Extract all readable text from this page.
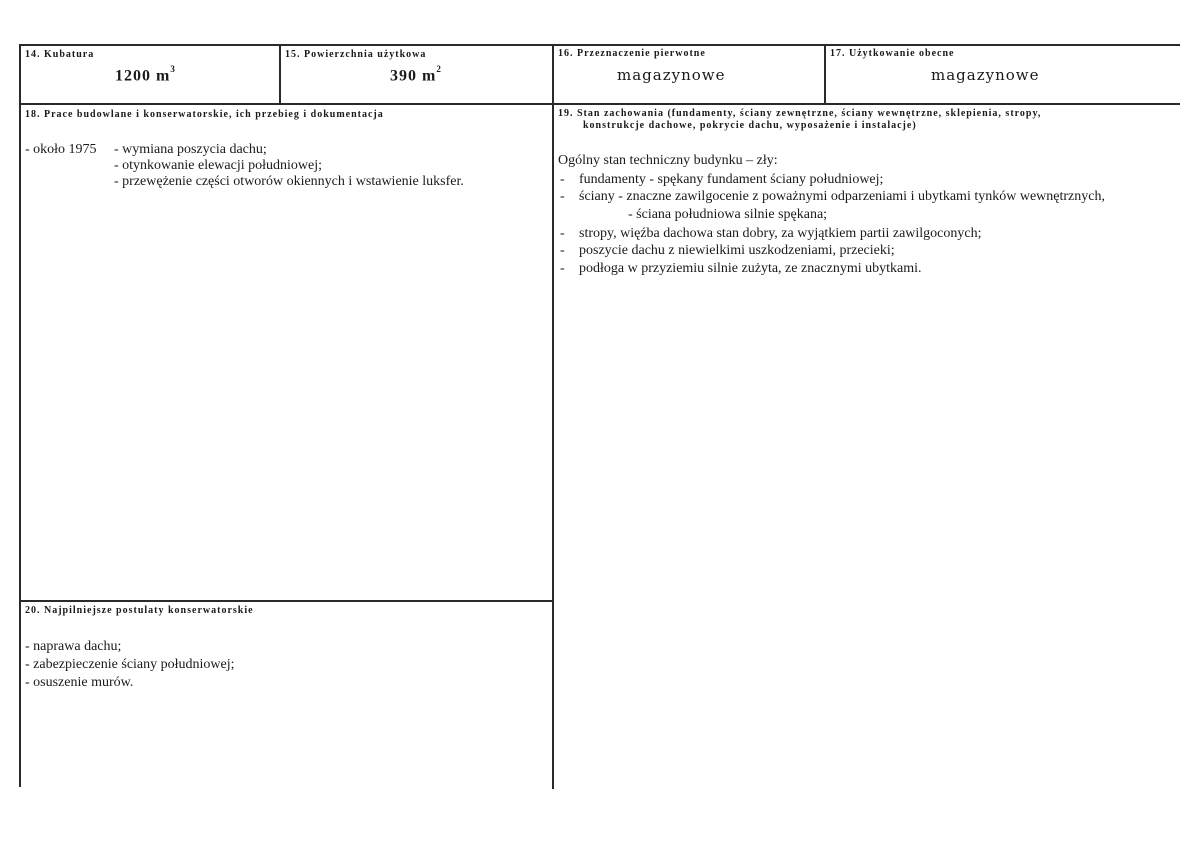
14. Kubatura
1200 $m^3$
15. Powierzchnia użytkowa
390 $m^2$
16. Przeznaczenie pierwotne
magazynowe
17. Użytkowanie obecne
magazynowe
18. Prace budowlane i konserwatorskie, ich przebieg i dokumentacja
- około 1975 - wymiana poszycia dachu;
- otynkowanie elewacji południowej;
- przewężenie części otworów okiennych i wstawienie luksfer.
19. Stan zachowania (fundamenty, ściany zewnętrzne, ściany wewnętrzne, sklepienia, stropy,
konstrukcje dachowe, pokrycie dachu, wyposażenie i instalacje)
Ogólny stan techniczny budynku – zły:
- fundamenty - spękany fundament ściany południowej;
- ściany - znaczne zawilgocenie z poważnymi odparzeniami i ubytkami tynków wewnętrznych,
- ściana południowa silnie spękana;
- stropy, więźba dachowa stan dobry, za wyjątkiem partii zawilgoconych;
- poszycie dachu z niewielkimi uszkodzeniami, przecieki;
- podłoga w przyziemiu silnie zużyta, ze znacznymi ubytkami.
20. Najpilniejsze postulaty konserwatorskie
- naprawa dachu;
- zabezpieczenie ściany południowej;
- osuszenie murów.
